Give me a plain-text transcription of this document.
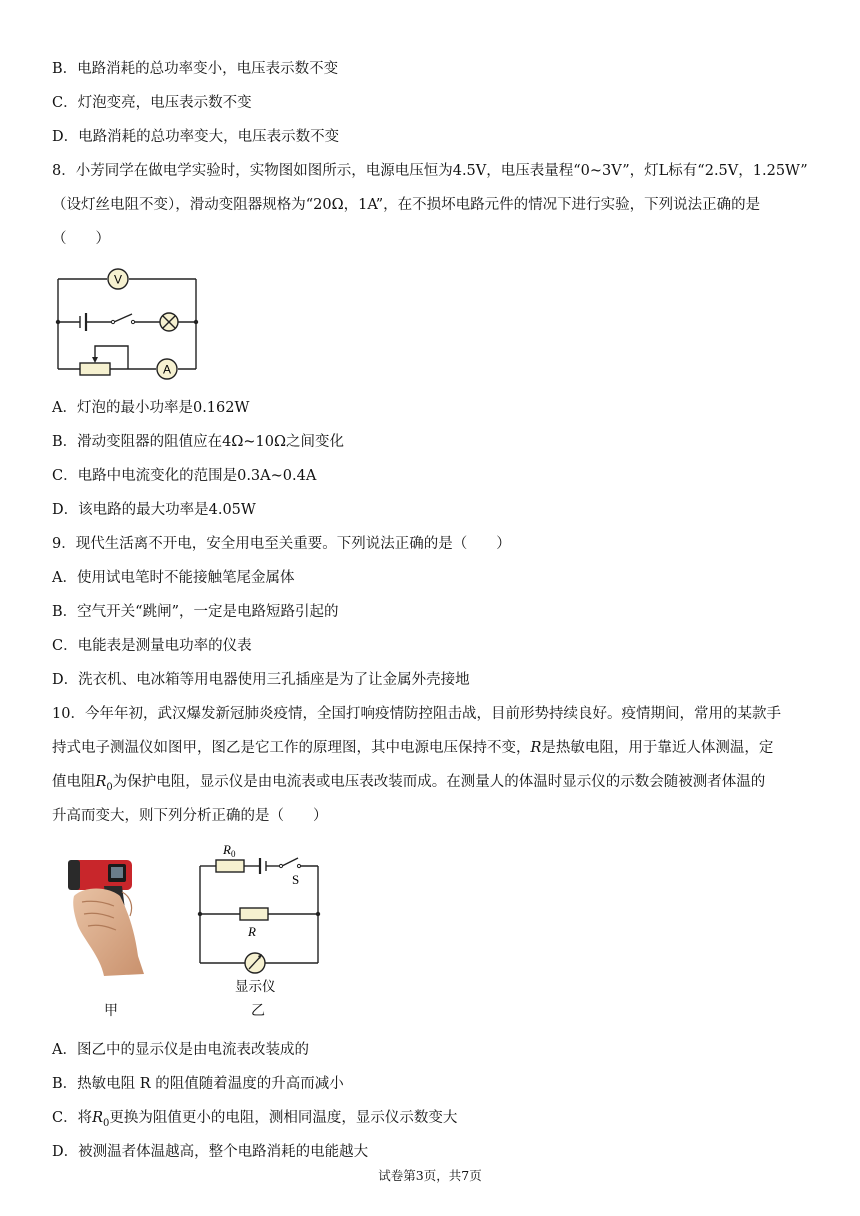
B．电路消耗的总功率变小，电压表示数不变
C．灯泡变亮，电压表示数不变
D．电路消耗的总功率变大，电压表示数不变
8．小芳同学在做电学实验时，实物图如图所示，电源电压恒为4.5V，电压表量程“0~3V”，灯L标有“2.5V，1.25W”
（设灯丝电阻不变），滑动变阻器规格为“20Ω，1A”，在不损坏电路元件的情况下进行实验，下列说法正确的是
（　　）
V
A
A．灯泡的最小功率是0.162W
B．滑动变阻器的阻值应在4Ω~10Ω之间变化
C．电路中电流变化的范围是0.3A~0.4A
D．该电路的最大功率是4.05W
9．现代生活离不开电，安全用电至关重要。下列说法正确的是（　　）
A．使用试电笔时不能接触笔尾金属体
B．空气开关“跳闸”，一定是电路短路引起的
C．电能表是测量电功率的仪表
D．洗衣机、电冰箱等用电器使用三孔插座是为了让金属外壳接地
10．今年年初，武汉爆发新冠肺炎疫情，全国打响疫情防控阻击战，目前形势持续良好。疫情期间，常用的某款手
持式电子测温仪如图甲，图乙是它工作的原理图，其中电源电压保持不变，R是热敏电阻，用于靠近人体测温，定
值电阻$R_0$为保护电阻，显示仪是由电流表或电压表改装而成。在测量人的体温时显示仪的示数会随被测者体温的
升高而变大，则下列分析正确的是（　　）
甲
$R_0$
S
R
显示仪
乙
A．图乙中的显示仪是由电流表改装成的
B．热敏电阻 R 的阻值随着温度的升高而减小
C．将$R_0$更换为阻值更小的电阻，测相同温度，显示仪示数变大
D．被测温者体温越高，整个电路消耗的电能越大
试卷第3页，共7页
